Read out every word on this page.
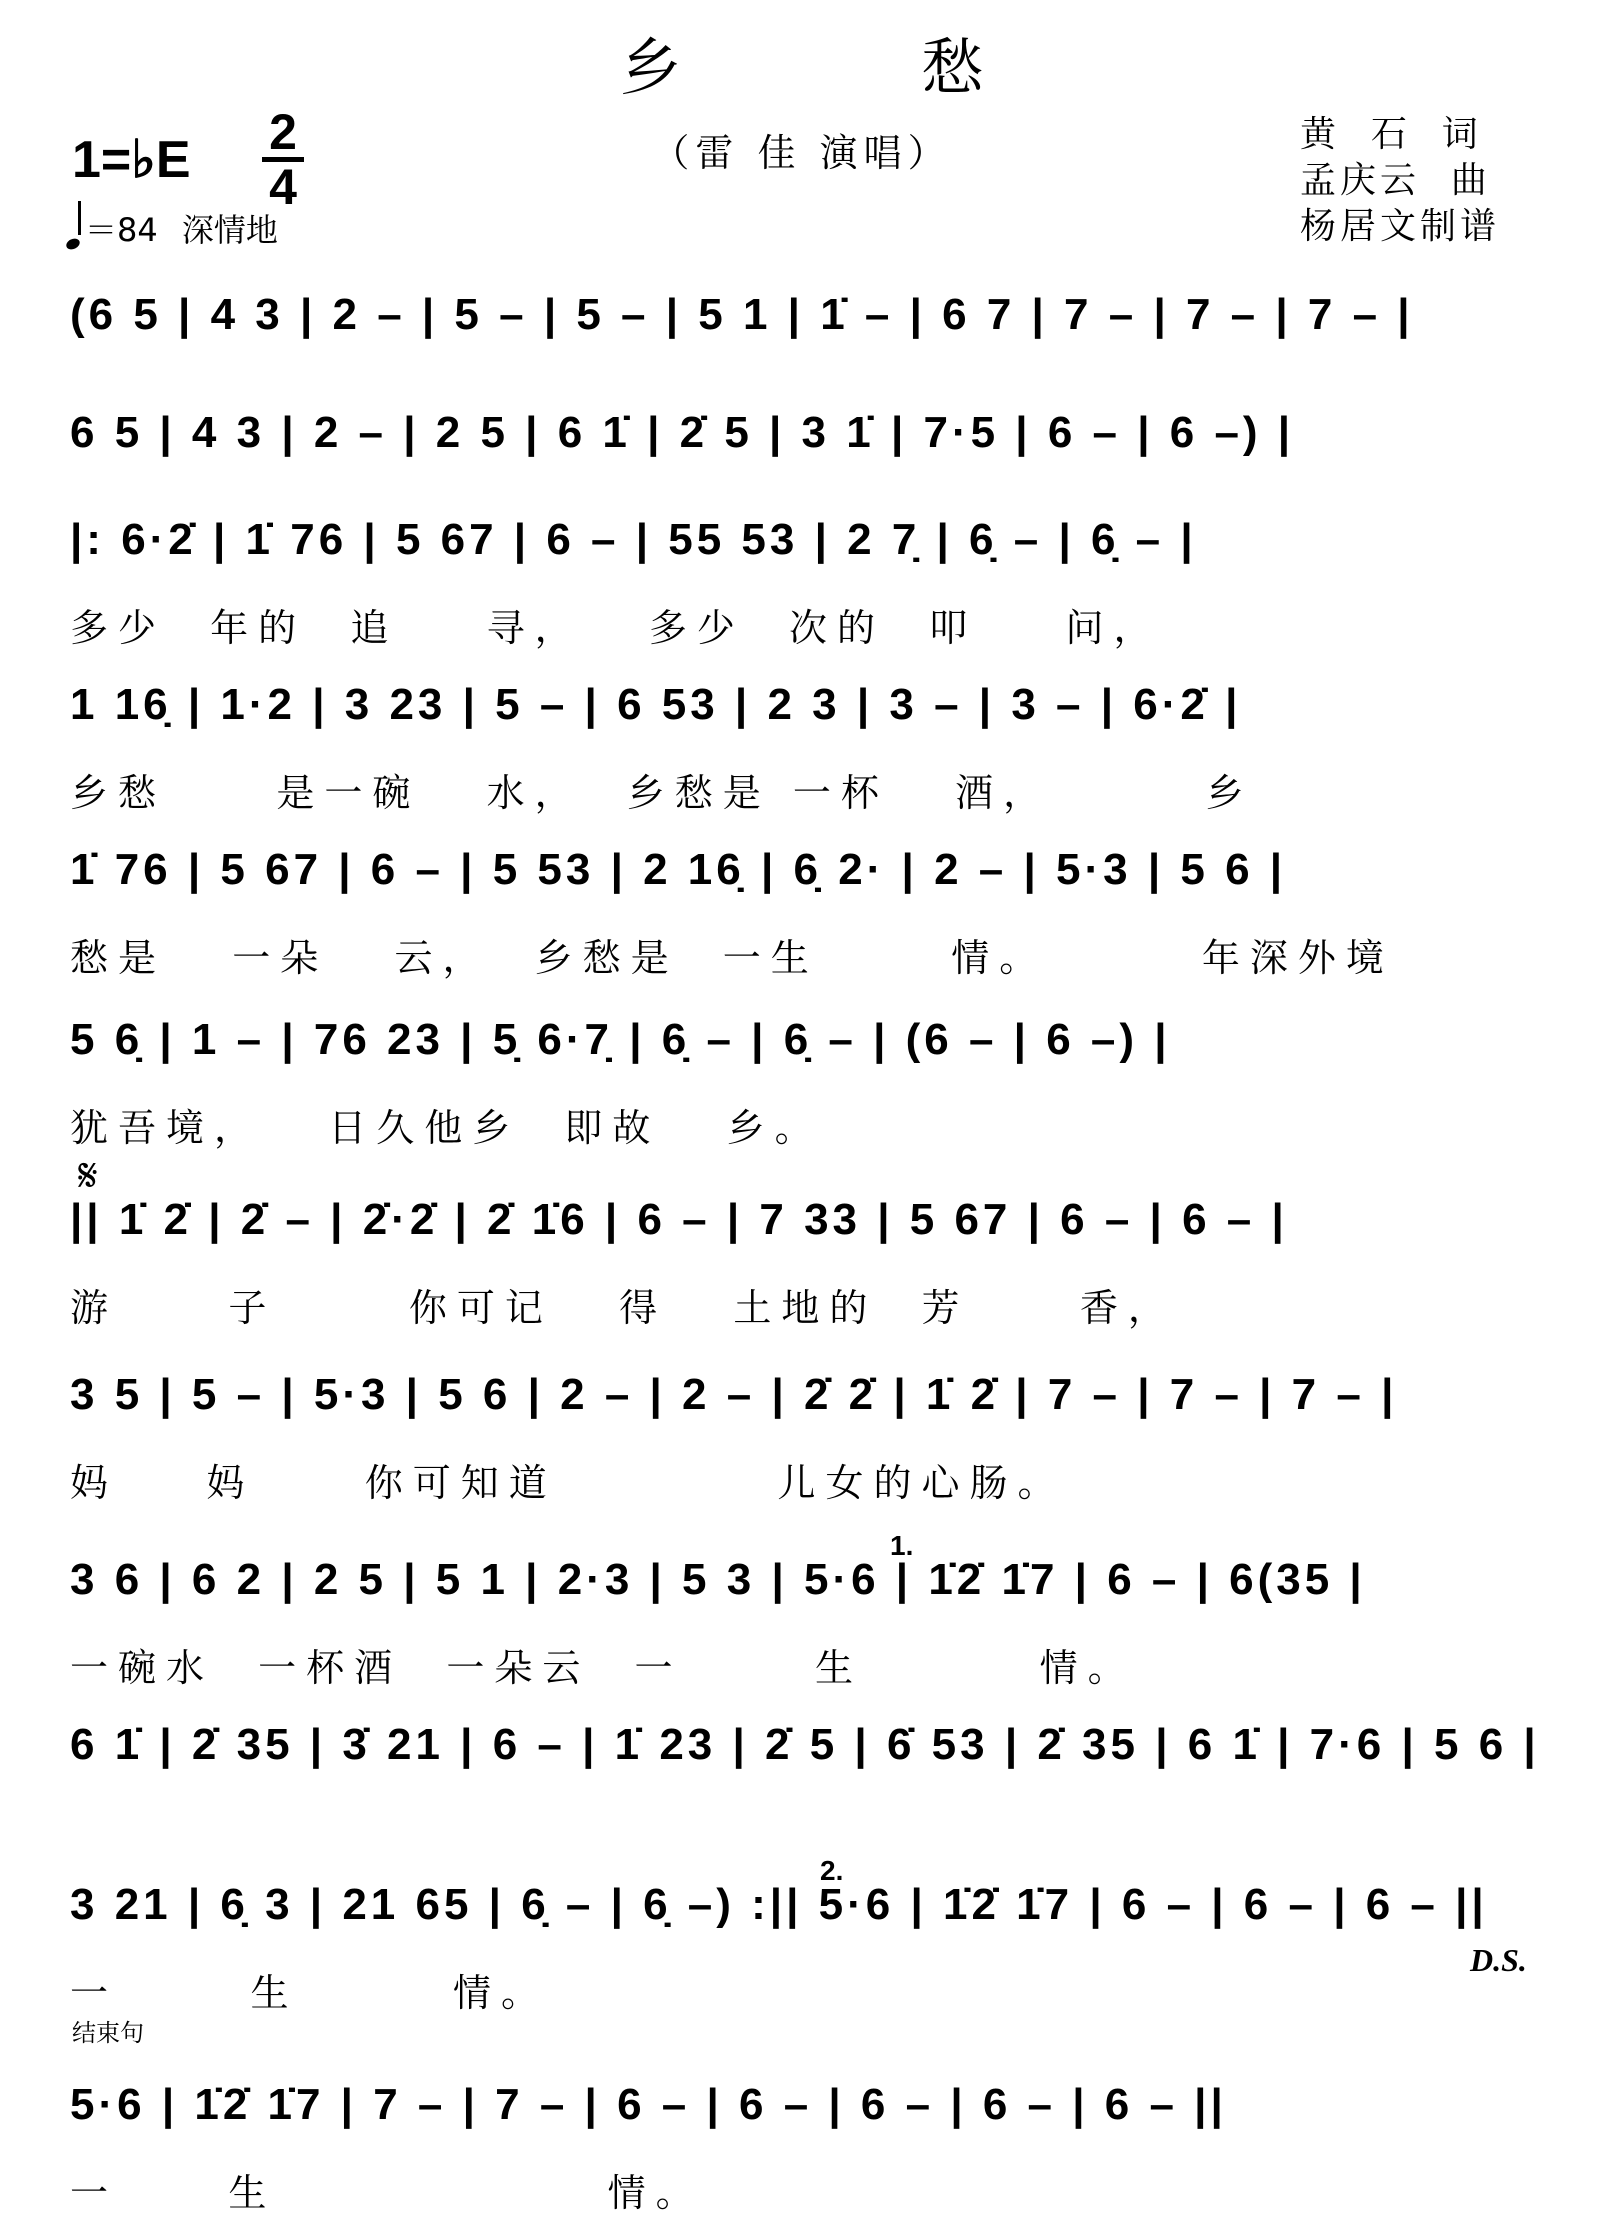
乡 愁
（雷 佳 演唱）
1=♭E 2
4
＝84 深情地
黄  石  词
孟庆云  曲
杨居文制谱
(6 5 | 4 3 | 2 – | 5 – | 5 – | 5 1 | 1̇ – | 6 7 | 7 – | 7 – | 7 – |
6 5 | 4 3 | 2 – | 2 5 | 6 1̇ | 2̇ 5 | 3 1̇ | 7·5 | 6 – | 6 –) |
|: 6·2̇ | 1̇ 76 | 5 67 | 6 – | 55 53 | 2 7̣ | 6̣ – | 6̣ – |
多少  年的  追    寻，   多少  次的  叩    问，
1 16̣ | 1·2 | 3 23 | 5 – | 6 53 | 2 3 | 3 – | 3 – | 6·2̇ |
乡愁     是一碗   水，  乡愁是 一杯   酒，       乡
1̇ 76 | 5 67 | 6 – | 5 53 | 2 16̣ | 6̣ 2· | 2 – | 5·3 | 5 6 |
愁是   一朵   云，  乡愁是  一生      情。       年深外境
5 6̣ | 1 – | 76 23 | 5̣ 6·7̣ | 6̣ – | 6̣ – | (6 – | 6 –) |
犹吾境，   日久他乡  即故   乡。
|| 1̇ 2̇ | 2̇ – | 2̇·2̇ | 2̇ 1̇6 | 6 – | 7 33 | 5 67 | 6 – | 6 – |
游     子      你可记   得   土地的  芳     香，
3 5 | 5 – | 5·3 | 5 6 | 2 – | 2 – | 2̇ 2̇ | 1̇ 2̇ | 7 – | 7 – | 7 – |
妈    妈     你可知道          儿女的心肠。
3 6 | 6 2 | 2 5 | 5 1 | 2·3 | 5 3 | 5·6 | 1̇2̇ 1̇7 | 6 – | 6(35 |
一碗水  一杯酒  一朵云  一      生        情。
6 1̇ | 2̇ 35 | 3̇ 21 | 6 – | 1̇ 23 | 2̇ 5 | 6̇ 53 | 2̇ 35 | 6 1̇ | 7·6 | 5 6 |
3 21 | 6̣ 3 | 21 65 | 6̣ – | 6̣ –) :|| 5·6 | 1̇2̇ 1̇7 | 6 – | 6 – | 6 – ||
一      生       情。
5·6 | 1̇2̇ 1̇7 | 7 – | 7 – | 6 – | 6 – | 6 – | 6 – | 6 – ||
一     生               情。
𝄋
D.S.
结束句
1.
2.
